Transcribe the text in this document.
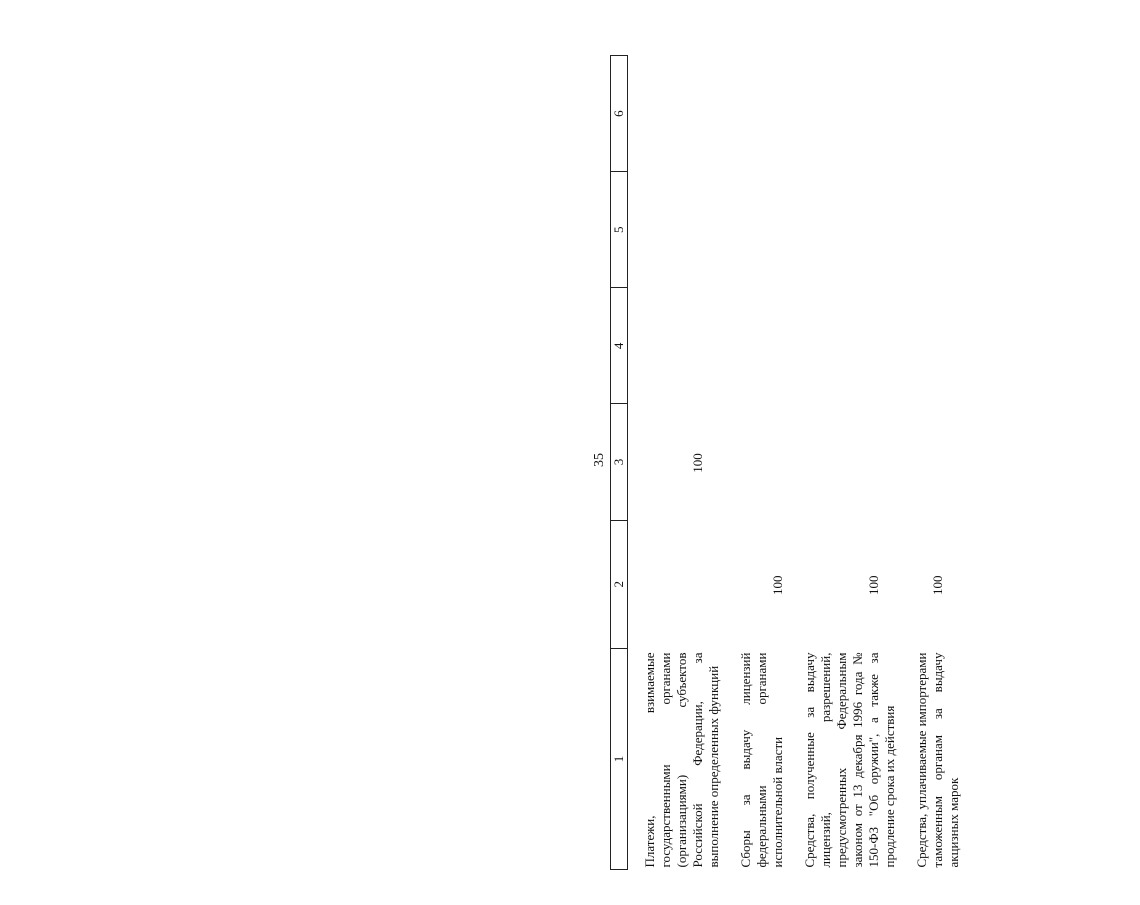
35
1	2	3	4	5	6
Платежи, взимаемые государственными органами (организациями) субъектов Российской Федерации, за выполнение определенных функций		100			
Сборы за выдачу лицензий федеральными органами исполнительной власти	100				
Средства, полученные за выдачу лицензий, разрешений, предусмотренных Федеральным законом от 13 декабря 1996 года № 150-ФЗ "Об оружии", а также за продление срока их действия	100				
Средства, уплачиваемые импортерами таможенным органам за выдачу акцизных марок	100				
